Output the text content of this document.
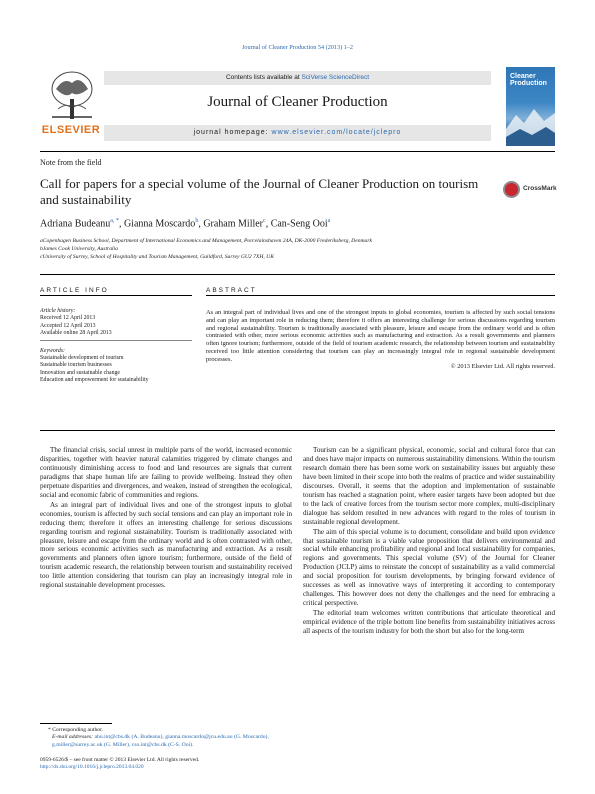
Journal of Cleaner Production 54 (2013) 1–2
ELSEVIER
Contents lists available at SciVerse ScienceDirect
Journal of Cleaner Production
journal homepage: www.elsevier.com/locate/jclepro
Cleaner Production
Note from the field
Call for papers for a special volume of the Journal of Cleaner Production on tourism and sustainability
CrossMark
Adriana Budeanu$^{a, *}$, Gianna Moscardo$^b$, Graham Miller$^c$, Can-Seng Ooi$^a$
aCopenhagen Business School, Department of International Economics and Management, Porcelainshaven 24A, DK-2000 Frederiksberg, Denmark
bJames Cook University, Australia
cUniversity of Surrey, School of Hospitality and Tourism Management, Guildford, Surrey GU2 7XH, UK
ARTICLE INFO	ABSTRACT
Article history:
Received 12 April 2013
Accepted 12 April 2013
Available online 28 April 2013
Keywords:
Sustainable development of tourism
Sustainable tourism businesses
Innovation and sustainable change
Education and empowerment for sustainability
As an integral part of individual lives and one of the strongest inputs to global economies, tourism is affected by such social tensions and can play an important role in reducing them; therefore it offers an interesting challenge for serious discussions regarding tourism and regional sustainability. Tourism is traditionally associated with pleasure, leisure and escape from the ordinary world and is often contrasted with other, more serious economic activities such as manufacturing and extraction. As a result governments and planners often ignore tourism; furthermore, outside of the field of tourism academic research, the relationship between tourism and sustainability received too little attention considering that tourism can play an increasingly integral role in regional sustainable development processes.
© 2013 Elsevier Ltd. All rights reserved.

The financial crisis, social unrest in multiple parts of the world, increased economic disparities, together with heavier natural calamities triggered by climate changes and continuously diminishing access to food and land resources are signals that current paradigms that shape human life are failing to provide wellbeing. Instead they often perpetuate disparities and divergences, and weaken, instead of strengthen the ecological, social and economic fabric of communities and regions.

As an integral part of individual lives and one of the strongest inputs to global economies, tourism is affected by such social tensions and can play an important role in reducing them; therefore it offers an interesting challenge for serious discussions regarding tourism and regional sustainability. Tourism is traditionally associated with pleasure, leisure and escape from the ordinary world and is often contrasted with other, more serious economic activities such as manufacturing and extraction. As a result governments and planners often ignore tourism; furthermore, outside of the field of tourism academic research, the relationship between tourism and sustainability received too little attention considering that tourism can play an increasingly integral role in regional sustainable development processes.

Tourism can be a significant physical, economic, social and cultural force that can and does have major impacts on numerous sustainability dimensions. Within the tourism research domain there has been some work on sustainability issues but arguably these have been limited in their scope into both the realms of practice and wider sustainability discourses. Overall, it seems that the adoption and implementation of sustainable tourism has reached a stagnation point, where easier targets have been adopted but due to the lack of creative forces from the tourism sector more complex, multi-disciplinary dialogue has seldom resulted in new advances with regard to the roles of tourism in sustainable regional development.

The aim of this special volume is to document, consolidate and build upon evidence that sustainable tourism is a viable value proposition that delivers environmental and social while enhancing profitability and regional and local sustainability for companies, regions and governments. This special volume (SV) of the Journal for Cleaner Production (JCLP) aims to reinstate the concept of sustainability as a valid commercial and social proposition for tourism developments, by bringing forward evidence of successes as well as innovative ways of interpreting it according to contemporary challenges. This however does not deny the challenges and the need for embracing a critical perspective.

The editorial team welcomes written contributions that articulate theoretical and empirical evidence of the triple bottom line benefits from sustainability initiatives across all aspects of the tourism industry for both the short but also for the long-term

* Corresponding author.
E-mail addresses: abu.int@cbs.dk (A. Budeanu), gianna.moscardo@jcu.edu.au (G. Moscardo), g.miller@surrey.ac.uk (G. Miller), cso.int@cbs.dk (C-S. Ooi).
0959-6526/$ – see front matter © 2013 Elsevier Ltd. All rights reserved.
http://dx.doi.org/10.1016/j.jclepro.2013.04.020
